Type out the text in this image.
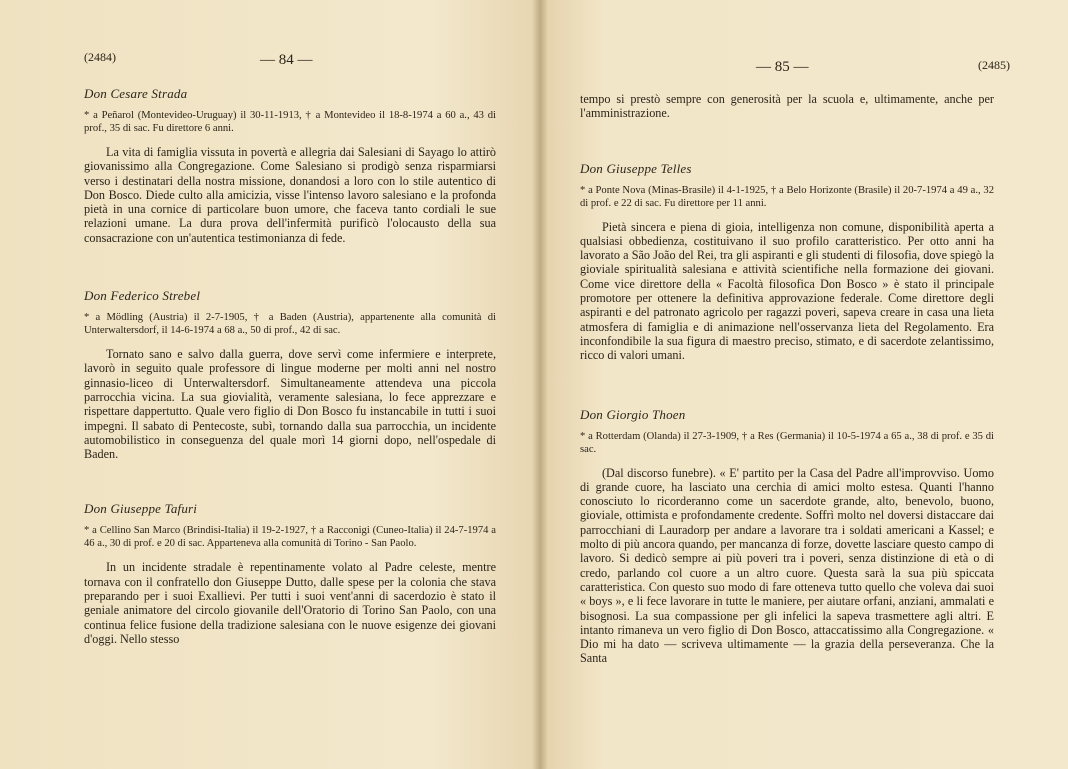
(2484)	— 84 —

Don Cesare Strada

* a Peñarol (Montevideo-Uruguay) il 30-11-1913, † a Montevideo il 18-8-1974 a 60 a., 43 di prof., 35 di sac. Fu direttore 6 anni.

La vita di famiglia vissuta in povertà e allegria dai Salesiani di Sayago lo attirò giovanissimo alla Congregazione. Come Salesiano si prodigò senza risparmiarsi verso i destinatari della nostra missione, donandosi a loro con lo stile autentico di Don Bosco. Diede culto alla amicizia, visse l'intenso lavoro salesiano e la profonda pietà in una cornice di particolare buon umore, che faceva tanto cordiali le sue relazioni umane. La dura prova dell'infermità purificò l'olocausto della sua consacrazione con un'autentica testimonianza di fede.

Don Federico Strebel

* a Mödling (Austria) il 2-7-1905, † a Baden (Austria), appartenente alla comunità di Unterwaltersdorf, il 14-6-1974 a 68 a., 50 di prof., 42 di sac.

Tornato sano e salvo dalla guerra, dove servì come infermiere e interprete, lavorò in seguito quale professore di lingue moderne per molti anni nel nostro ginnasio-liceo di Unterwaltersdorf. Simultaneamente attendeva una piccola parrocchia vicina. La sua giovialità, veramente salesiana, lo fece apprezzare e rispettare dappertutto. Quale vero figlio di Don Bosco fu instancabile in tutti i suoi impegni. Il sabato di Pentecoste, subì, tornando dalla sua parrocchia, un incidente automobilistico in conseguenza del quale morì 14 giorni dopo, nell'ospedale di Baden.

Don Giuseppe Tafuri

* a Cellino San Marco (Brindisi-Italia) il 19-2-1927, † a Racconigi (Cuneo-Italia) il 24-7-1974 a 46 a., 30 di prof. e 20 di sac. Apparteneva alla comunità di Torino - San Paolo.

In un incidente stradale è repentinamente volato al Padre celeste, mentre tornava con il confratello don Giuseppe Dutto, dalle spese per la colonia che stava preparando per i suoi Exallievi. Per tutti i suoi vent'anni di sacerdozio è stato il geniale animatore del circolo giovanile dell'Oratorio di Torino San Paolo, con una continua felice fusione della tradizione salesiana con le nuove esigenze dei giovani d'oggi. Nello stesso

— 85 —	(2485)

tempo si prestò sempre con generosità per la scuola e, ultimamente, anche per l'amministrazione.

Don Giuseppe Telles

* a Ponte Nova (Minas-Brasile) il 4-1-1925, † a Belo Horizonte (Brasile) il 20-7-1974 a 49 a., 32 di prof. e 22 di sac. Fu direttore per 11 anni.

Pietà sincera e piena di gioia, intelligenza non comune, disponibilità aperta a qualsiasi obbedienza, costituivano il suo profilo caratteristico. Per otto anni ha lavorato a São João del Rei, tra gli aspiranti e gli studenti di filosofia, dove spiegò la gioviale spiritualità salesiana e attività scientifiche nella formazione dei giovani. Come vice direttore della « Facoltà filosofica Don Bosco » è stato il principale promotore per ottenere la definitiva approvazione federale. Come direttore degli aspiranti e del patronato agricolo per ragazzi poveri, sapeva creare in casa una lieta atmosfera di famiglia e di animazione nell'osservanza lieta del Regolamento. Era inconfondibile la sua figura di maestro preciso, stimato, e di sacerdote zelantissimo, ricco di valori umani.

Don Giorgio Thoen

* a Rotterdam (Olanda) il 27-3-1909, † a Res (Germania) il 10-5-1974 a 65 a., 38 di prof. e 35 di sac.

(Dal discorso funebre). « E' partito per la Casa del Padre all'improvviso. Uomo di grande cuore, ha lasciato una cerchia di amici molto estesa. Quanti l'hanno conosciuto lo ricorderanno come un sacerdote grande, alto, benevolo, buono, gioviale, ottimista e profondamente credente. Soffrì molto nel doversi distaccare dai parrocchiani di Lauradorp per andare a lavorare tra i soldati americani a Kassel; e molto di più ancora quando, per mancanza di forze, dovette lasciare questo campo di lavoro. Si dedicò sempre ai più poveri tra i poveri, senza distinzione di età o di credo, parlando col cuore a un altro cuore. Questa sarà la sua più spiccata caratteristica. Con questo suo modo di fare otteneva tutto quello che voleva dai suoi « boys », e li fece lavorare in tutte le maniere, per aiutare orfani, anziani, ammalati e bisognosi. La sua compassione per gli infelici la sapeva trasmettere agli altri. E intanto rimaneva un vero figlio di Don Bosco, attaccatissimo alla Congregazione. « Dio mi ha dato — scriveva ultimamente — la grazia della perseveranza. Che la Santa
